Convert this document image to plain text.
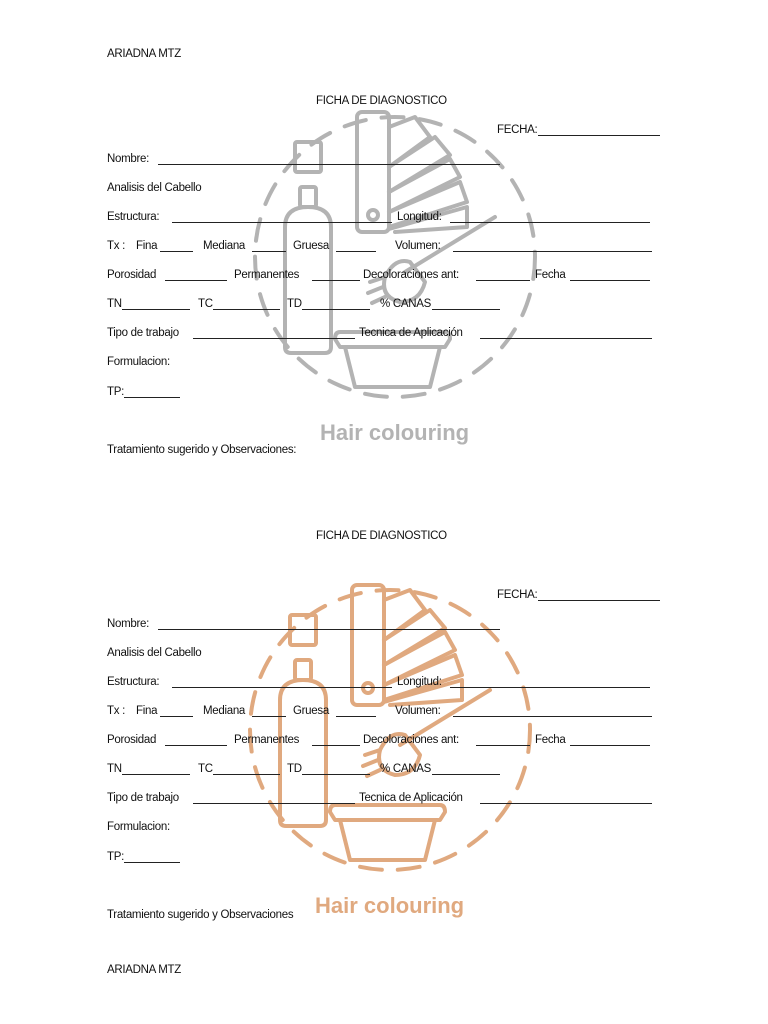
ARIADNA MTZ
ARIADNA MTZ
Hair colouring
FICHA DE DIAGNOSTICO
FECHA:
Nombre:
Analisis del Cabello
Estructura:	Longitud:
Tx : Fina	Mediana	Gruesa	Volumen:
Porosidad	Permanentes	Decoloraciones ant:	Fecha
TN	TC	TD	% CANAS
Tipo de trabajo	Tecnica de Aplicación
Formulacion:
TP:
Tratamiento sugerido y Observaciones:
Hair colouring
FICHA DE DIAGNOSTICO
FECHA:
Nombre:
Analisis del Cabello
Estructura:	Longitud:
Tx : Fina	Mediana	Gruesa	Volumen:
Porosidad	Permanentes	Decoloraciones ant:	Fecha
TN	TC	TD	% CANAS
Tipo de trabajo	Tecnica de Aplicación
Formulacion:
TP:
Tratamiento sugerido y Observaciones
